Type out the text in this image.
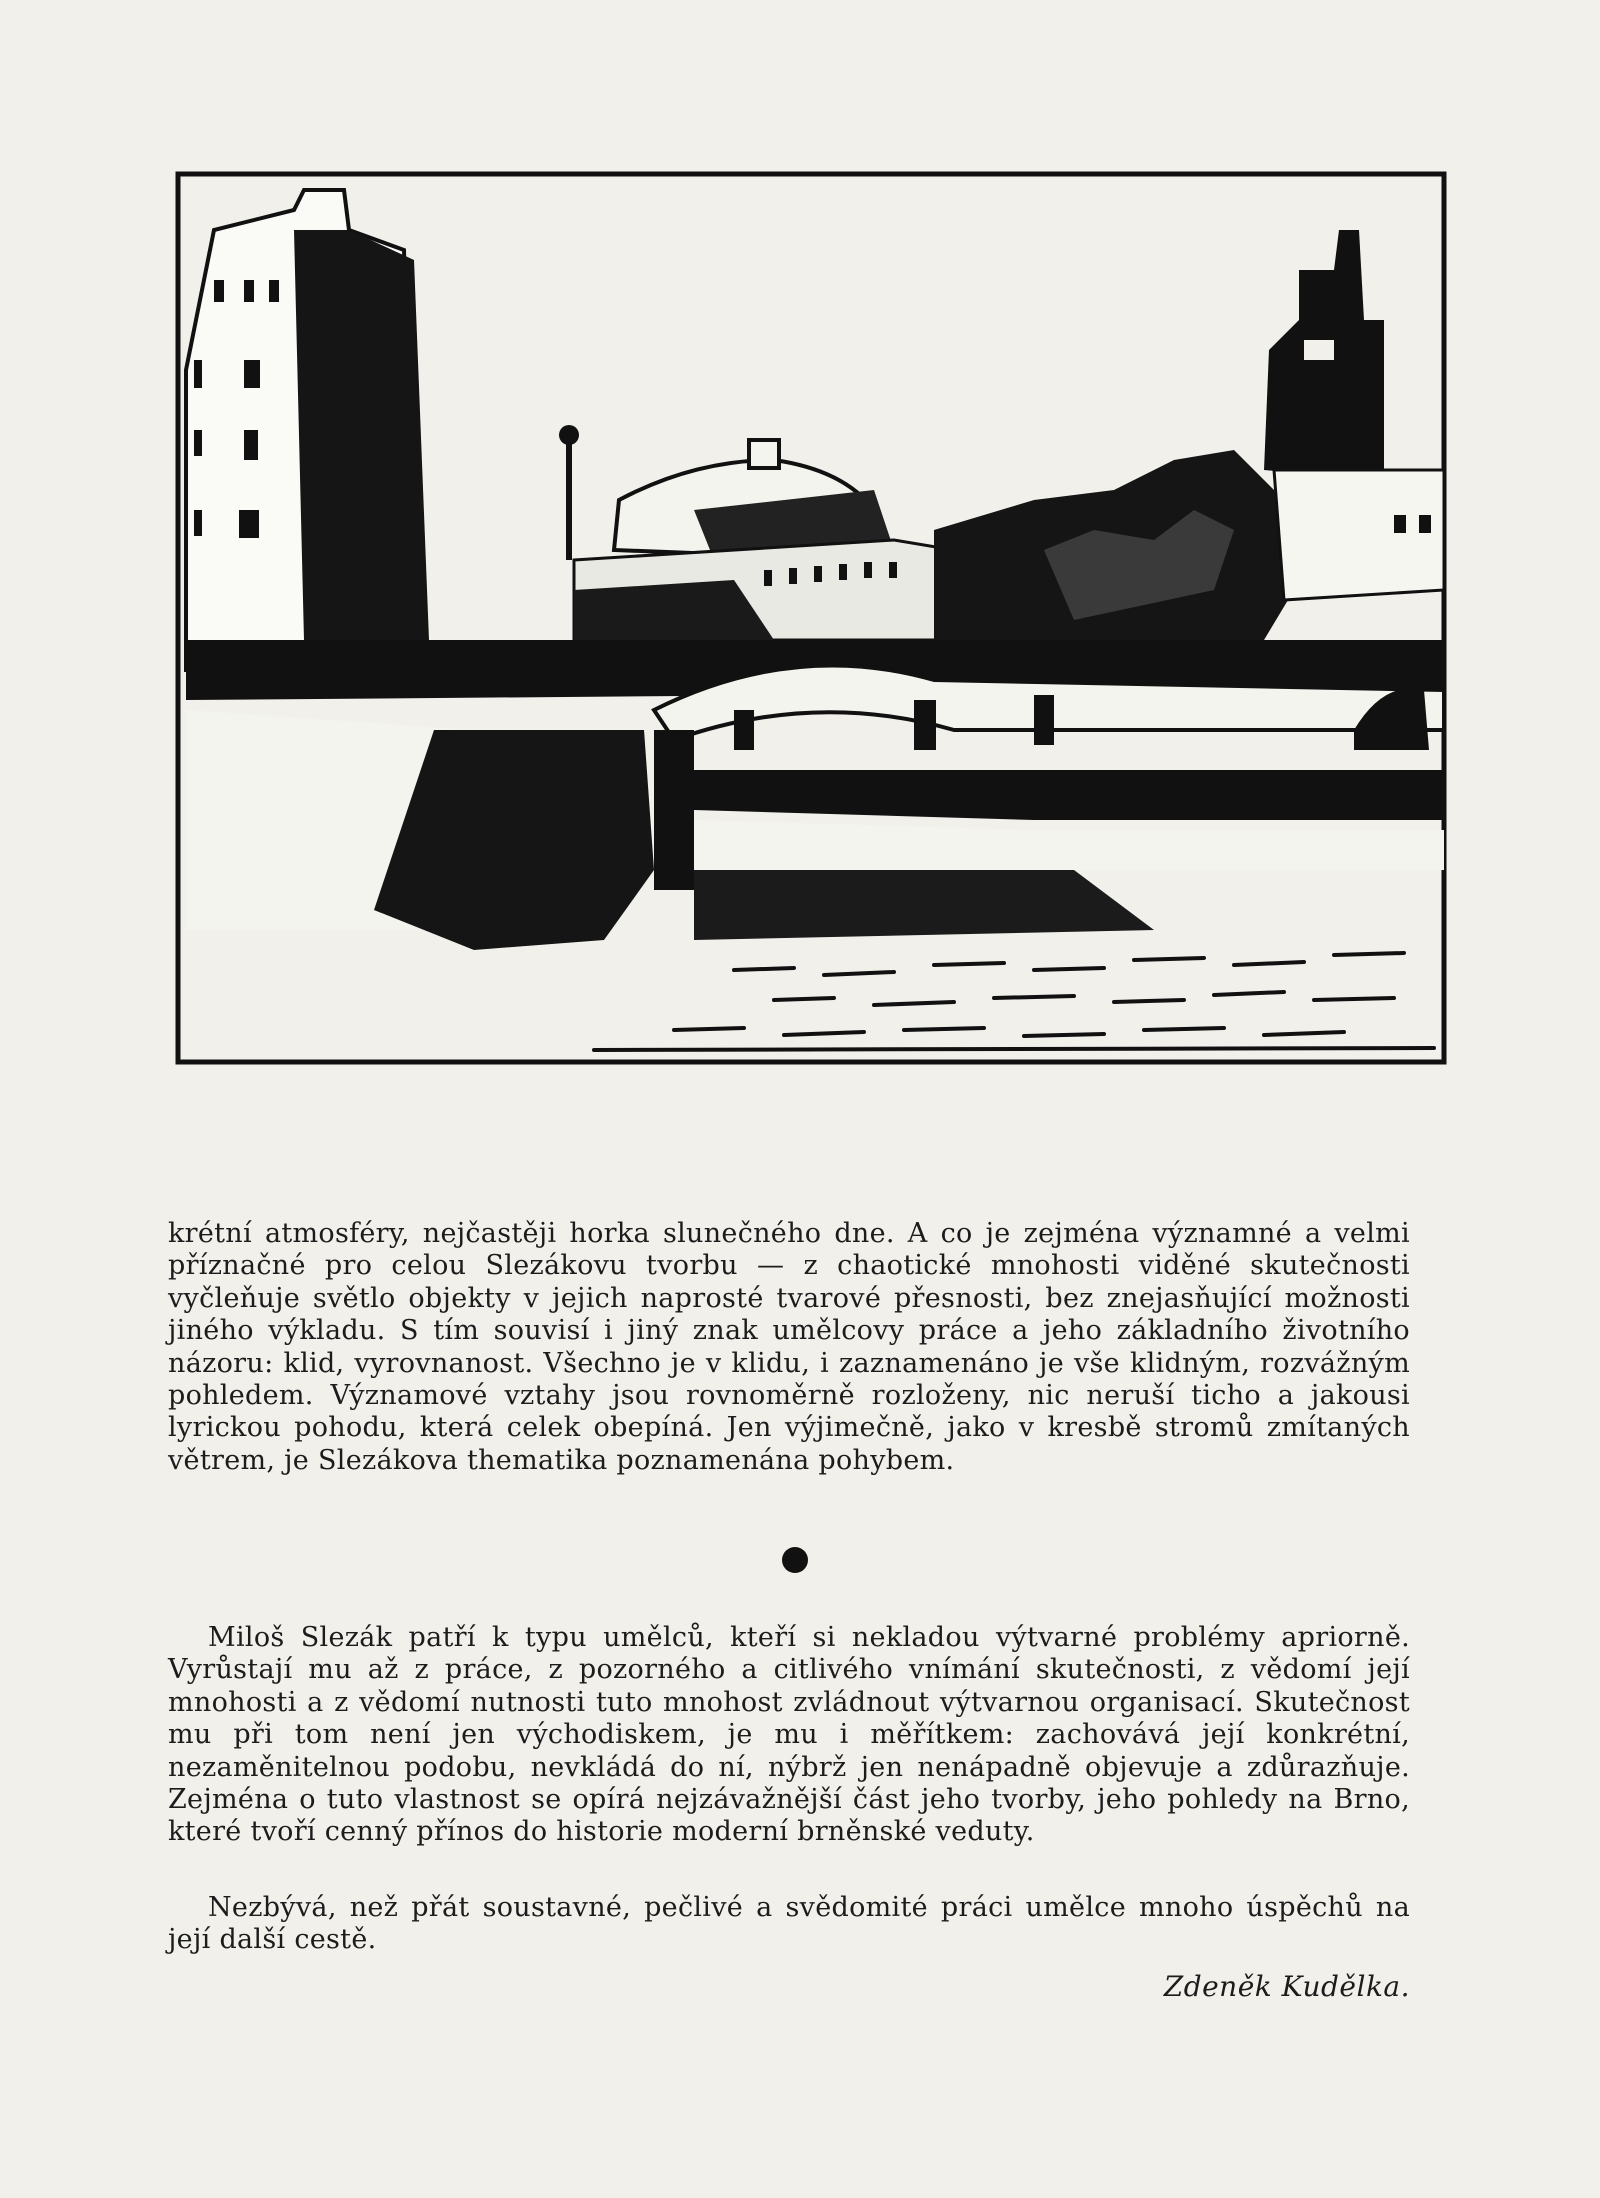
krétní atmosféry, nejčastěji horka slunečného dne. A co je zejména významné a velmi příznačné pro celou Slezákovu tvorbu — z chaotické mnohosti viděné skutečnosti vyčleňuje světlo objekty v jejich naprosté tvarové přesnosti, bez znejasňující možnosti jiného výkladu. S tím souvisí i jiný znak umělcovy práce a jeho základního životního názoru: klid, vyrovnanost. Všechno je v klidu, i zaznamenáno je vše klidným, rozvážným pohledem. Významové vztahy jsou rovnoměrně rozloženy, nic neruší ticho a jakousi lyrickou pohodu, která celek obepíná. Jen výjimečně, jako v kresbě stromů zmítaných větrem, je Slezákova thematika poznamenána pohybem.

Miloš Slezák patří k typu umělců, kteří si nekladou výtvarné problémy apriorně. Vyrůstají mu až z práce, z pozorného a citlivého vnímání skutečnosti, z vědomí její mnohosti a z vědomí nutnosti tuto mnohost zvládnout výtvarnou organisací. Skutečnost mu při tom není jen východiskem, je mu i měřítkem: zachovává její konkrétní, nezaměnitelnou podobu, nevkládá do ní, nýbrž jen nenápadně objevuje a zdůrazňuje. Zejména o tuto vlastnost se opírá nejzávažnější část jeho tvorby, jeho pohledy na Brno, které tvoří cenný přínos do historie moderní brněnské veduty.

Nezbývá, než přát soustavné, pečlivé a svědomité práci umělce mnoho úspěchů na její další cestě.

Zdeněk Kudělka.
